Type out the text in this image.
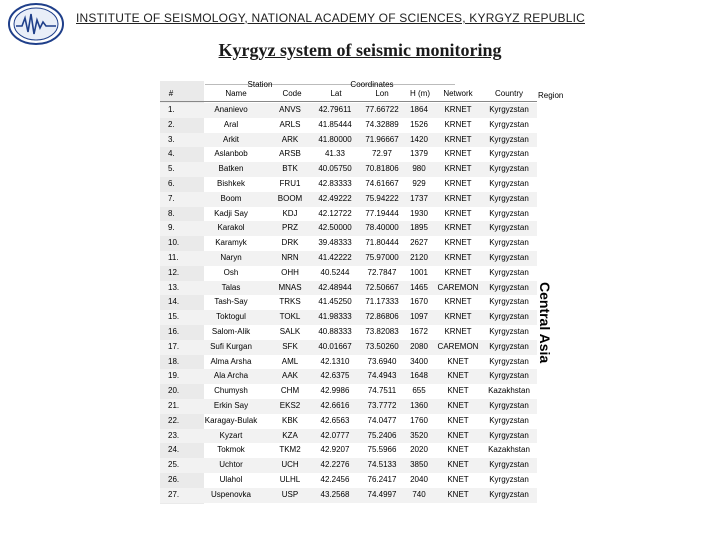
⋯
INSTITUTE OF SEISMOLOGY, NATIONAL ACADEMY OF SCIENCES, KYRGYZ REPUBLIC
Kyrgyz system of seismic monitoring
Station	Coordinates
#	Name	Code	Lat	Lon	H (m)	Network	Country	Region
1.	Ananievo	ANVS	42.79611	77.66722	1864	KRNET	Kyrgyzstan
2.	Aral	ARLS	41.85444	74.32889	1526	KRNET	Kyrgyzstan
3.	Arkit	ARK	41.80000	71.96667	1420	KRNET	Kyrgyzstan
4.	Aslanbob	ARSB	41.33	72.97	1379	KRNET	Kyrgyzstan
5.	Batken	BTK	40.05750	70.81806	980	KRNET	Kyrgyzstan
6.	Bishkek	FRU1	42.83333	74.61667	929	KRNET	Kyrgyzstan
7.	Boom	BOOM	42.49222	75.94222	1737	KRNET	Kyrgyzstan
8.	Kadji Say	KDJ	42.12722	77.19444	1930	KRNET	Kyrgyzstan
9.	Karakol	PRZ	42.50000	78.40000	1895	KRNET	Kyrgyzstan
10.	Karamyk	DRK	39.48333	71.80444	2627	KRNET	Kyrgyzstan
11.	Naryn	NRN	41.42222	75.97000	2120	KRNET	Kyrgyzstan
12.	Osh	OHH	40.5244	72.7847	1001	KRNET	Kyrgyzstan
13.	Talas	MNAS	42.48944	72.50667	1465	CAREMON	Kyrgyzstan
14.	Tash-Say	TRKS	41.45250	71.17333	1670	KRNET	Kyrgyzstan
15.	Toktogul	TOKL	41.98333	72.86806	1097	KRNET	Kyrgyzstan
16.	Salom-Alik	SALK	40.88333	73.82083	1672	KRNET	Kyrgyzstan
17.	Sufi Kurgan	SFK	40.01667	73.50260	2080	CAREMON	Kyrgyzstan
18.	Alma Arsha	AML	42.1310	73.6940	3400	KNET	Kyrgyzstan
19.	Ala Archa	AAK	42.6375	74.4943	1648	KNET	Kyrgyzstan
20.	Chumysh	CHM	42.9986	74.7511	655	KNET	Kazakhstan
21.	Erkin Say	EKS2	42.6616	73.7772	1360	KNET	Kyrgyzstan
22.	Karagay-Bulak	KBK	42.6563	74.0477	1760	KNET	Kyrgyzstan
23.	Kyzart	KZA	42.0777	75.2406	3520	KNET	Kyrgyzstan
24.	Tokmok	TKM2	42.9207	75.5966	2020	KNET	Kazakhstan
25.	Uchtor	UCH	42.2276	74.5133	3850	KNET	Kyrgyzstan
26.	Ulahol	ULHL	42.2456	76.2417	2040	KNET	Kyrgyzstan
27.	Uspenovka	USP	43.2568	74.4997	740	KNET	Kyrgyzstan
Central Asia
